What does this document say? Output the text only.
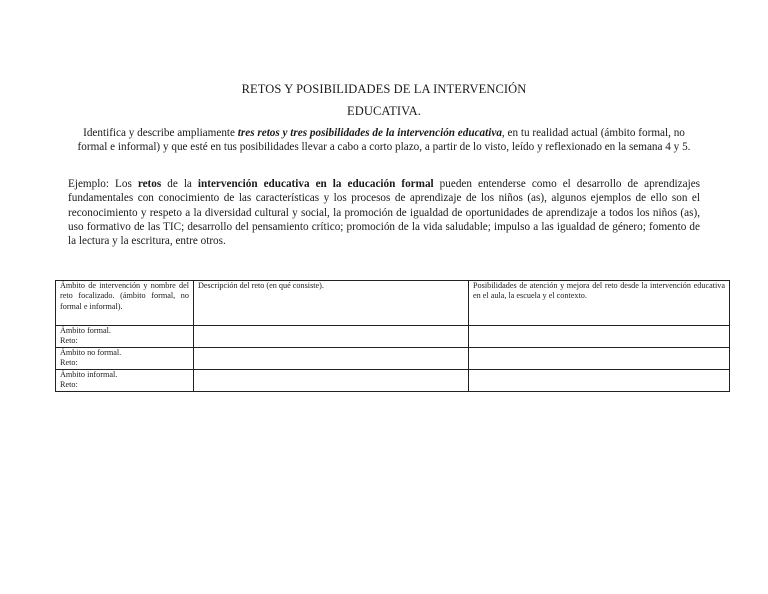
RETOS Y POSIBILIDADES DE LA INTERVENCIÓN
EDUCATIVA.
Identifica y describe ampliamente tres retos y tres posibilidades de la intervención educativa, en tu realidad actual (ámbito formal, no formal e informal) y que esté en tus posibilidades llevar a cabo a corto plazo, a partir de lo visto, leído y reflexionado en la semana 4 y 5.
Ejemplo: Los retos de la intervención educativa en la educación formal pueden entenderse como el desarrollo de aprendizajes fundamentales con conocimiento de las características y los procesos de aprendizaje de los niños (as), algunos ejemplos de ello son el reconocimiento y respeto a la diversidad cultural y social, la promoción de igualdad de oportunidades de aprendizaje a todos los niños (as), uso formativo de las TIC; desarrollo del pensamiento crítico; promoción de la vida saludable; impulso a las igualdad de género; fomento de la lectura y la escritura, entre otros.
Ámbito de intervención y nombre del reto focalizado. (ámbito formal, no formal e informal).	Descripción del reto (en qué consiste).	Posibilidades de atención y mejora del reto desde la intervención educativa en el aula, la escuela y el contexto.

Ámbito formal.
Reto:		

Ámbito no formal.
Reto:		

Ámbito informal.
Reto:		
